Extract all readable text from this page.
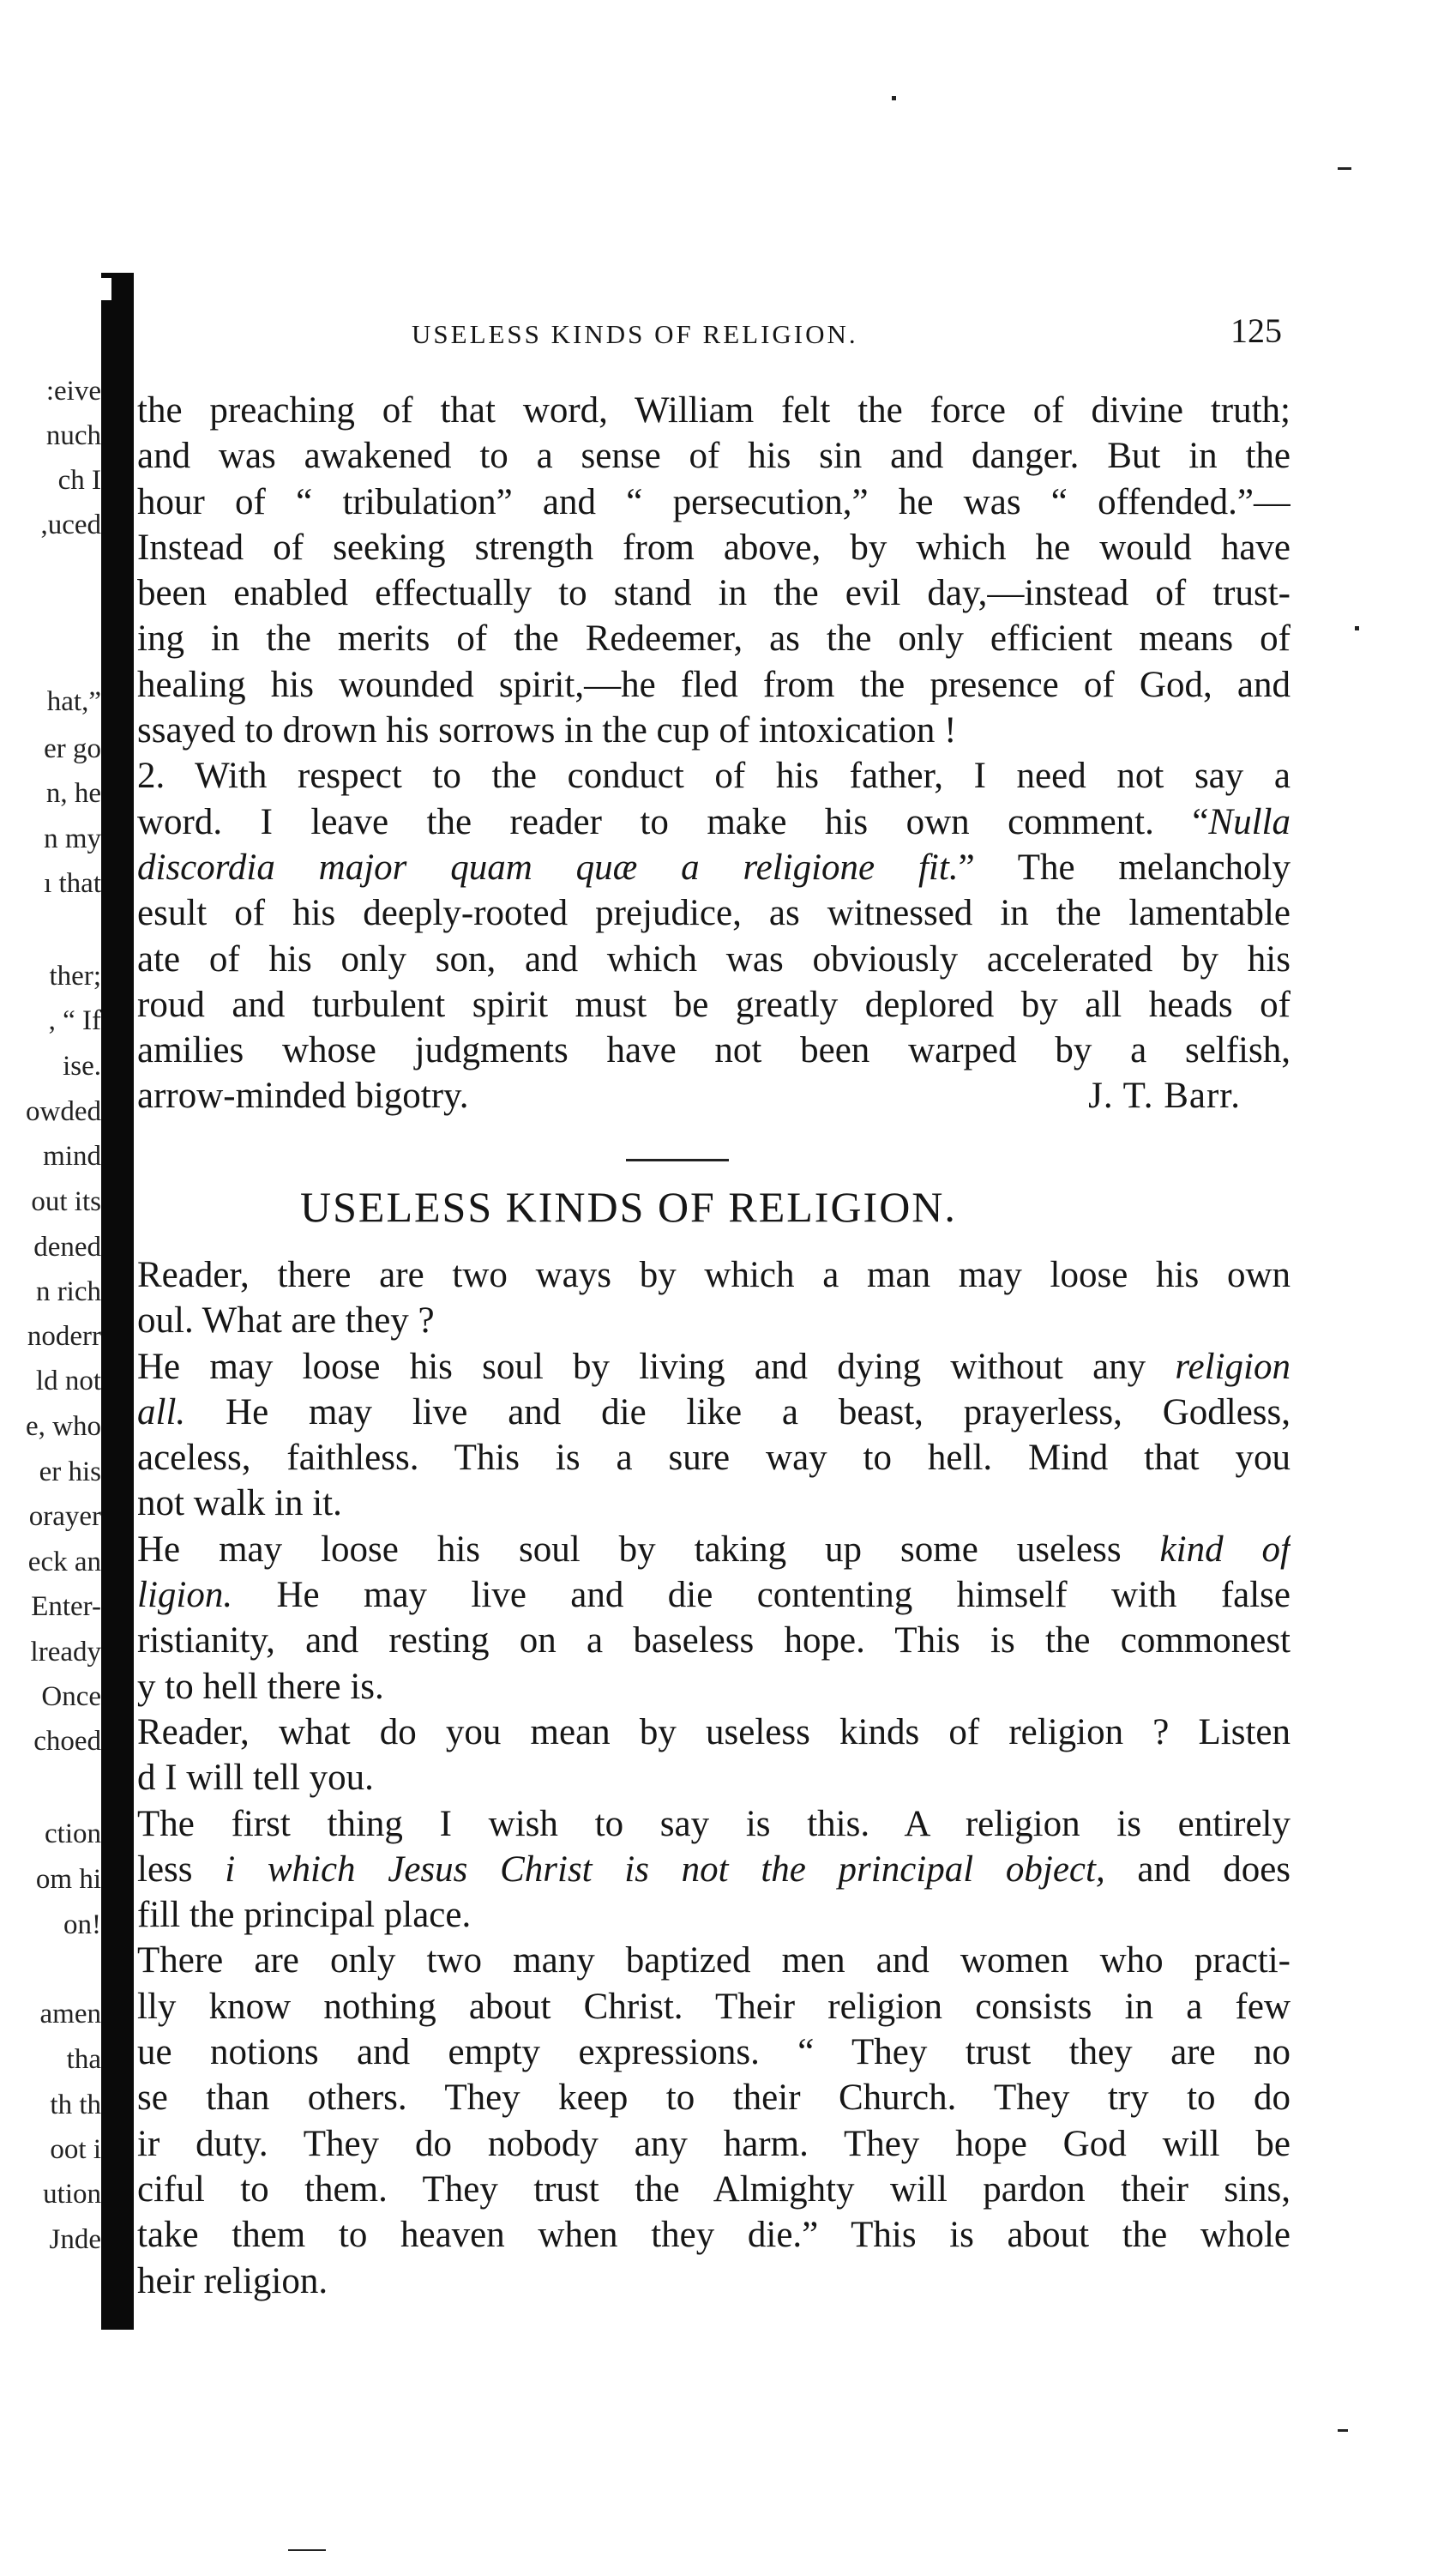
USELESS KINDS OF RELIGION.	125
:eive
nuch
ch I
,uced
hat,”
er go
n, he
n my
ı that
ther;
, “ If
ise.
owded
mind
out its
dened
n rich
noderr
ld not
e, who
er his
orayer
eck an
Enter-
lready
Once
choed
ction
om hi
on!
amen
tha
th th
oot i
ution
Jnde
the preaching of that word, William felt the force of divine truth;
and was awakened to a sense of his sin and danger. But in the
hour of “ tribulation” and “ persecution,” he was “ offended.”—
Instead of seeking strength from above, by which he would have
been enabled effectually to stand in the evil day,—instead of trust-
ing in the merits of the Redeemer, as the only efficient means of
healing his wounded spirit,—he fled from the presence of God, and
ssayed to drown his sorrows in the cup of intoxication !
2. With respect to the conduct of his father, I need not say a
word. I leave the reader to make his own comment. “Nulla
discordia major quam quæ a religione fit.” The melancholy
esult of his deeply-rooted prejudice, as witnessed in the lamentable
ate of his only son, and which was obviously accelerated by his
roud and turbulent spirit must be greatly deplored by all heads of
amilies whose judgments have not been warped by a selfish,
arrow-minded bigotry.	J. T. Barr.
USELESS KINDS OF RELIGION.
Reader, there are two ways by which a man may loose his own
oul. What are they ?
He may loose his soul by living and dying without any religion
all. He may live and die like a beast, prayerless, Godless,
aceless, faithless. This is a sure way to hell. Mind that you
not walk in it.
He may loose his soul by taking up some useless kind of
ligion. He may live and die contenting himself with false
ristianity, and resting on a baseless hope. This is the commonest
y to hell there is.
Reader, what do you mean by useless kinds of religion ? Listen
d I will tell you.
The first thing I wish to say is this. A religion is entirely
less i which Jesus Christ is not the principal object, and does
fill the principal place.
There are only two many baptized men and women who practi-
lly know nothing about Christ. Their religion consists in a few
ue notions and empty expressions. “ They trust they are no
se than others. They keep to their Church. They try to do
ir duty. They do nobody any harm. They hope God will be
ciful to them. They trust the Almighty will pardon their sins,
take them to heaven when they die.” This is about the whole
heir religion.
